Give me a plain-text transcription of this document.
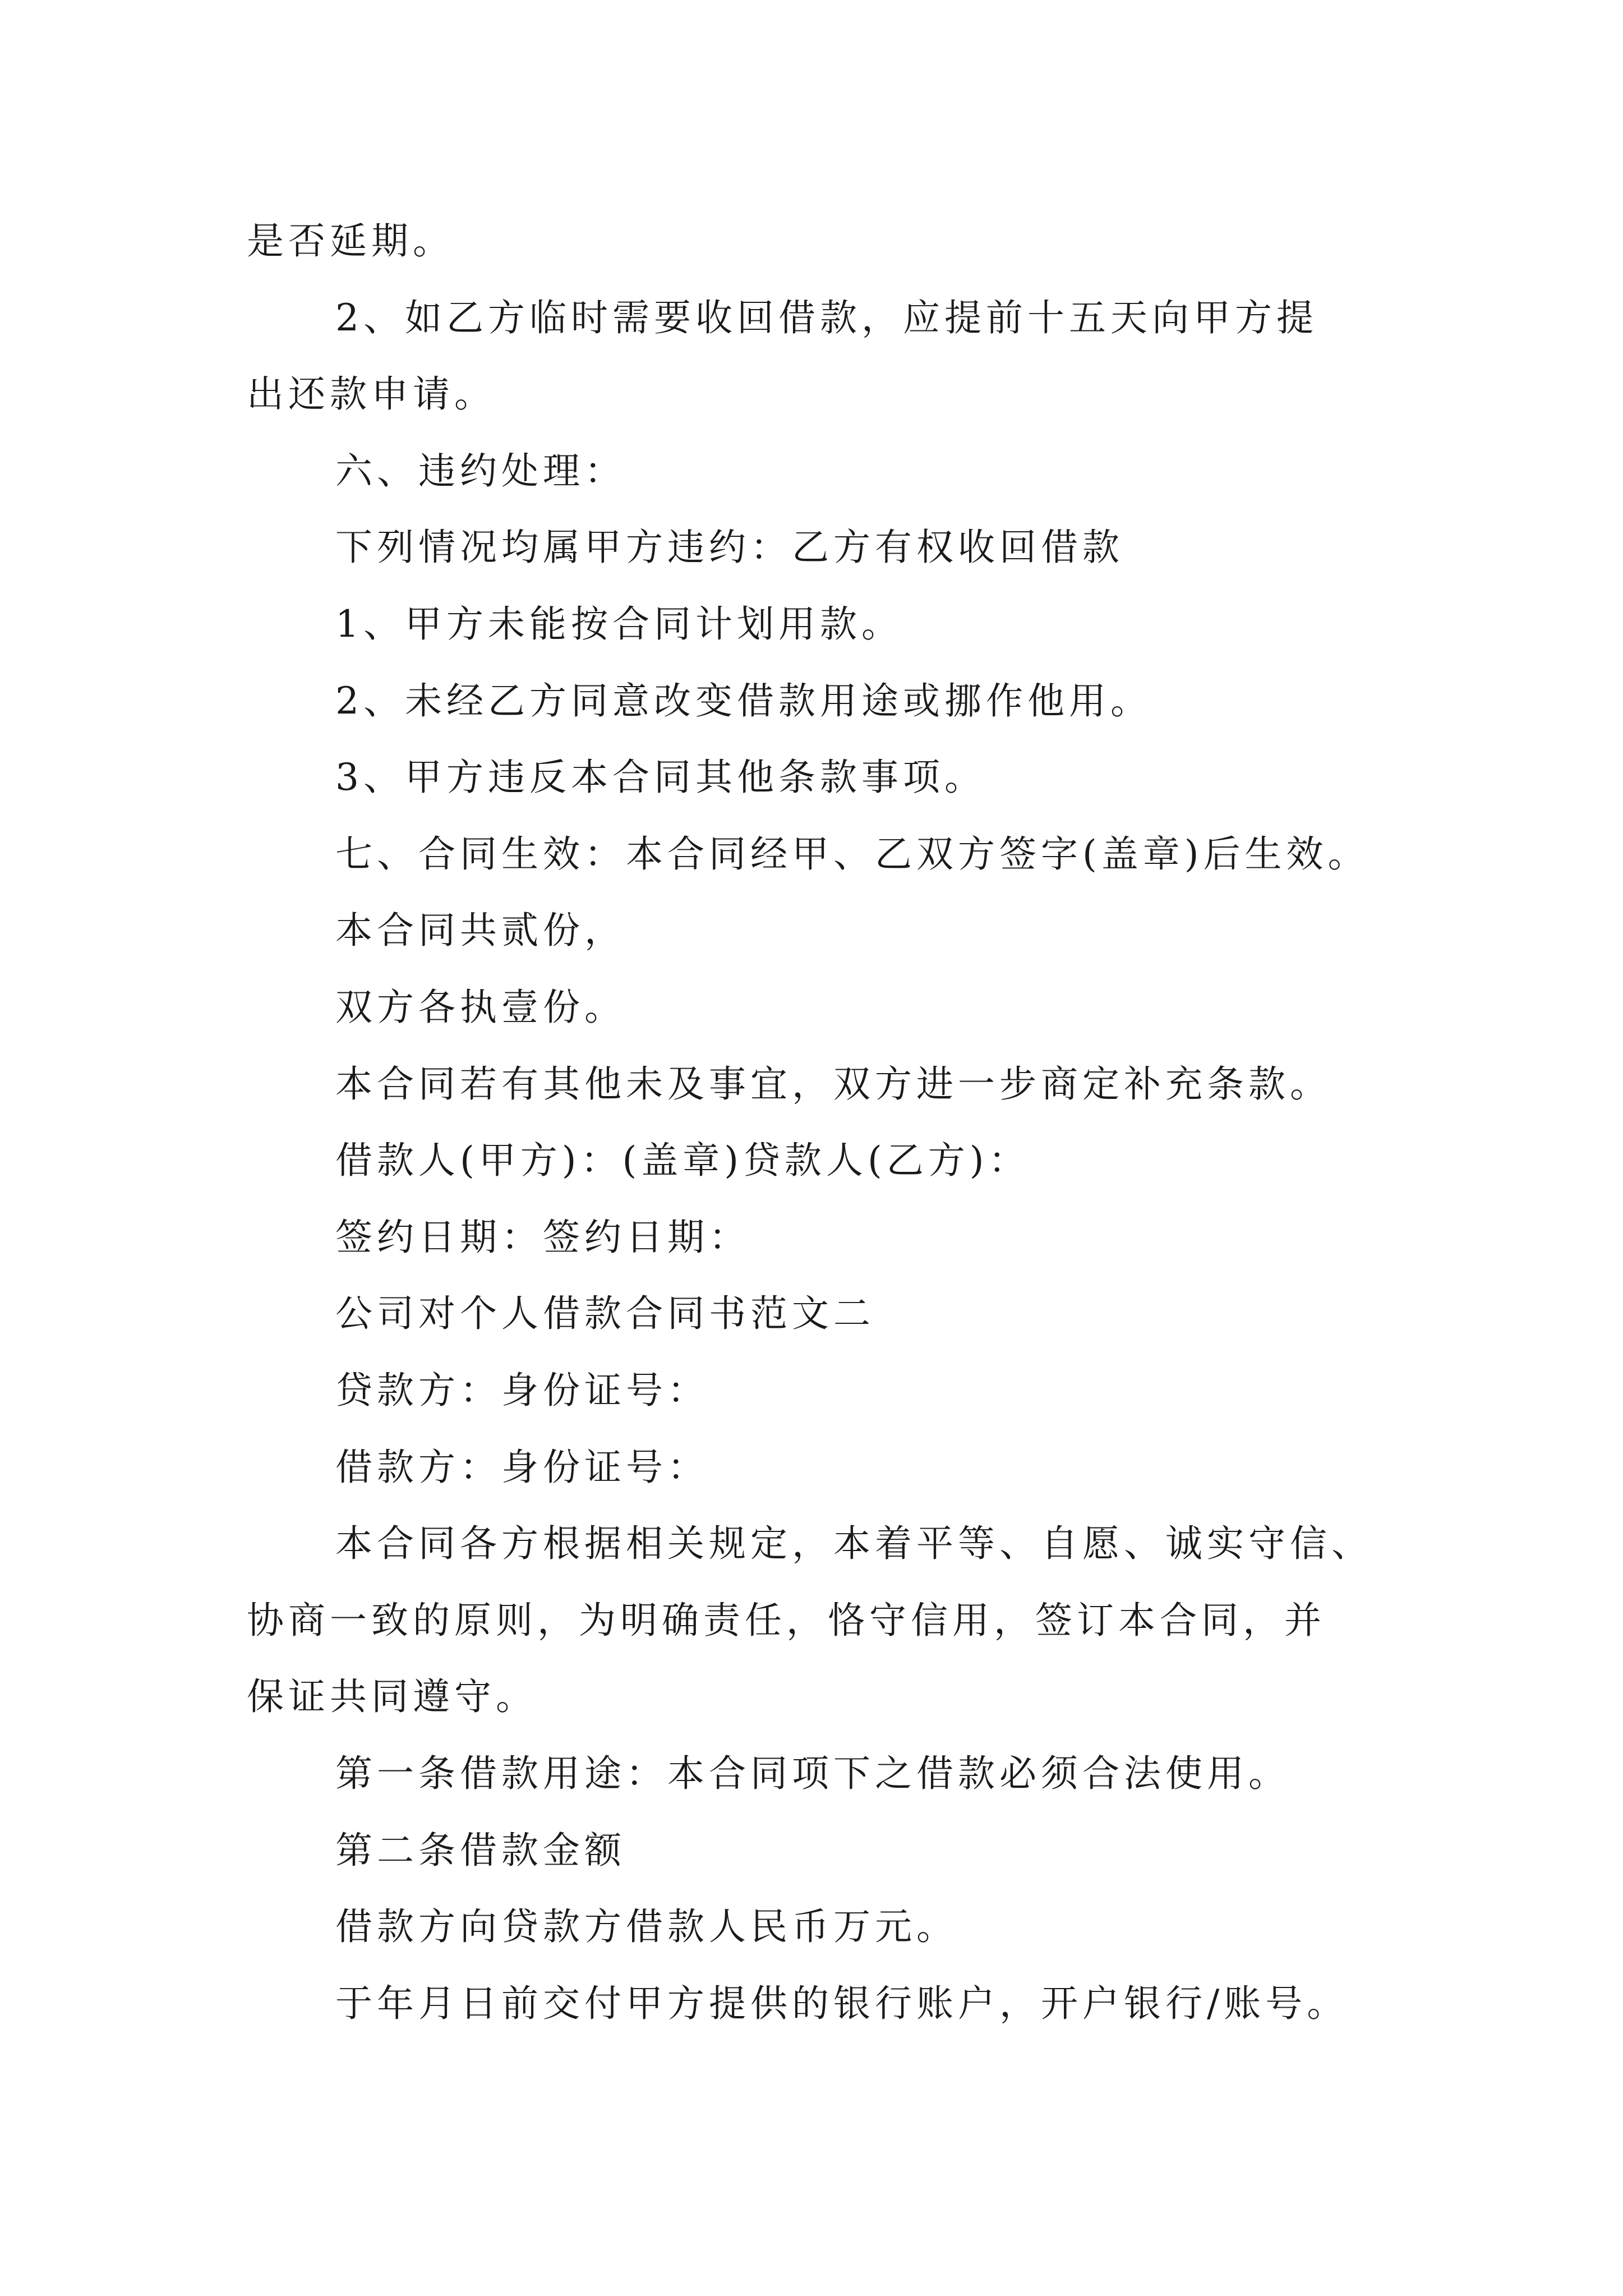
是否延期。
2、如乙方临时需要收回借款，应提前十五天向甲方提
出还款申请。
六、违约处理：
下列情况均属甲方违约：乙方有权收回借款
1、甲方未能按合同计划用款。
2、未经乙方同意改变借款用途或挪作他用。
3、甲方违反本合同其他条款事项。
七、合同生效：本合同经甲、乙双方签字(盖章)后生效。
本合同共贰份，
双方各执壹份。
本合同若有其他未及事宜，双方进一步商定补充条款。
借款人(甲方)：(盖章)贷款人(乙方)：
签约日期：签约日期：
公司对个人借款合同书范文二
贷款方：身份证号：
借款方：身份证号：
本合同各方根据相关规定，本着平等、自愿、诚实守信、
协商一致的原则，为明确责任，恪守信用，签订本合同，并
保证共同遵守。
第一条借款用途：本合同项下之借款必须合法使用。
第二条借款金额
借款方向贷款方借款人民币万元。
于年月日前交付甲方提供的银行账户，开户银行/账号。
